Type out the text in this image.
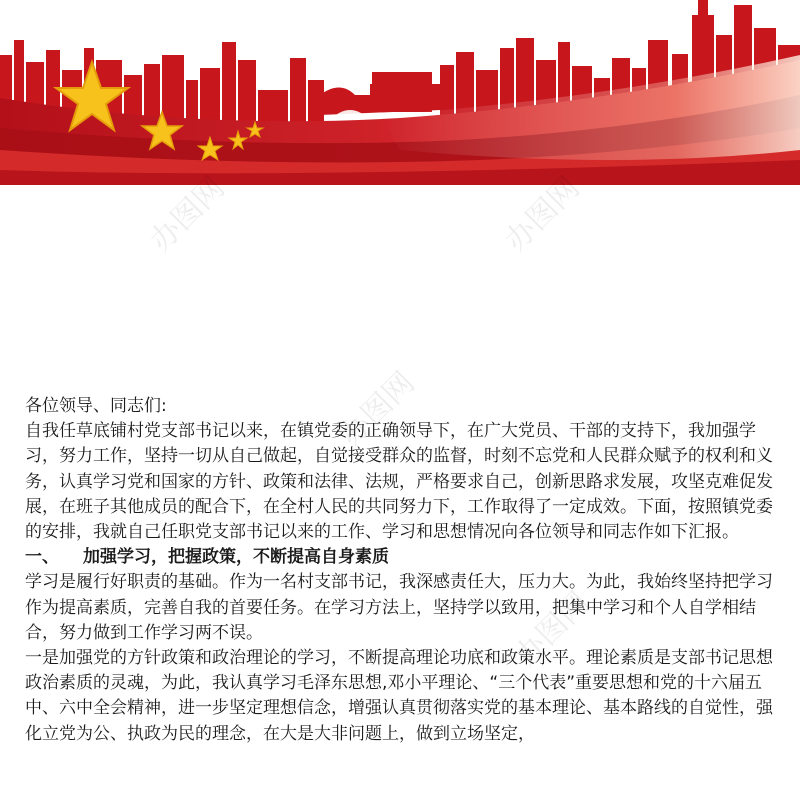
办图网	办图网
办图网
办图网

各位领导、同志们:

自我任草底铺村党支部书记以来，在镇党委的正确领导下，在广大党员、干部的支持下，我加强学习，努力工作，坚持一切从自己做起，自觉接受群众的监督，时刻不忘党和人民群众赋予的权利和义务，认真学习党和国家的方针、政策和法律、法规，严格要求自己，创新思路求发展，攻坚克难促发展，在班子其他成员的配合下，在全村人民的共同努力下，工作取得了一定成效。下面，按照镇党委的安排，我就自己任职党支部书记以来的工作、学习和思想情况向各位领导和同志作如下汇报。

一、 加强学习，把握政策，不断提高自身素质

学习是履行好职责的基础。作为一名村支部书记，我深感责任大，压力大。为此，我始终坚持把学习作为提高素质，完善自我的首要任务。在学习方法上，坚持学以致用，把集中学习和个人自学相结合，努力做到工作学习两不误。

一是加强党的方针政策和政治理论的学习，不断提高理论功底和政策水平。理论素质是支部书记思想政治素质的灵魂，为此，我认真学习毛泽东思想,邓小平理论、“三个代表”重要思想和党的十六届五中、六中全会精神，进一步坚定理想信念，增强认真贯彻落实党的基本理论、基本路线的自觉性，强化立党为公、执政为民的理念，在大是大非问题上，做到立场坚定，
